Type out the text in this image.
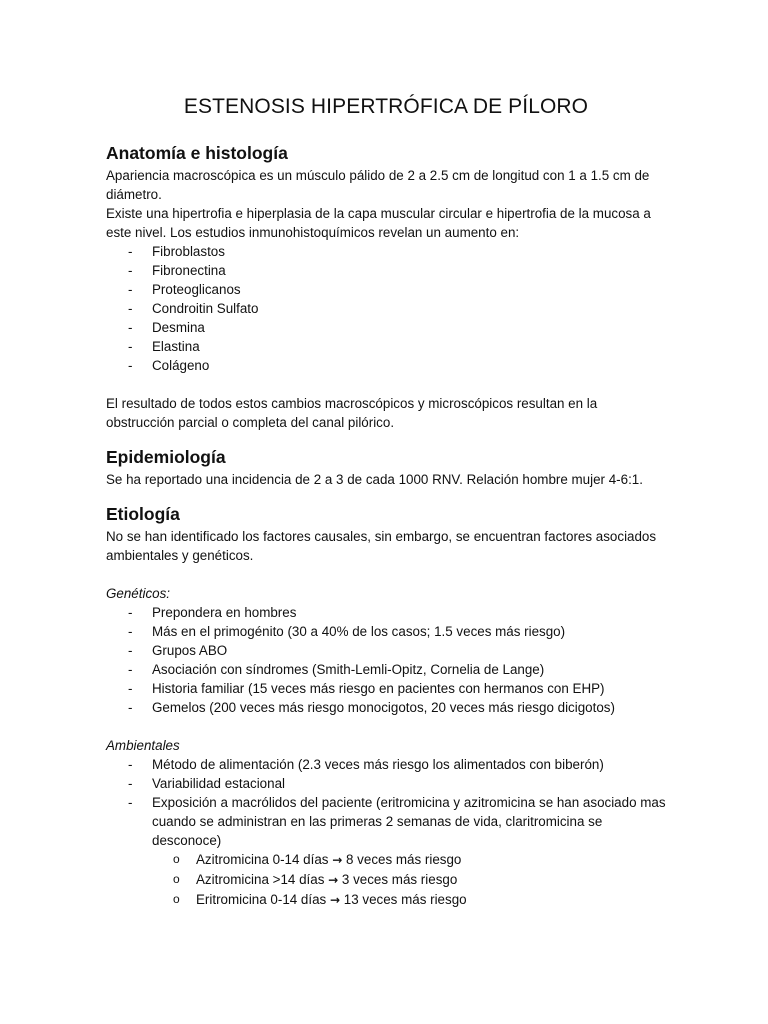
ESTENOSIS HIPERTRÓFICA DE PÍLORO
Anatomía e histología

Apariencia macroscópica es un músculo pálido de 2 a 2.5 cm de longitud con 1 a 1.5 cm de diámetro.

Existe una hipertrofia e hiperplasia de la capa muscular circular e hipertrofia de la mucosa a este nivel. Los estudios inmunohistoquímicos revelan un aumento en:

- Fibroblastos
- Fibronectina
- Proteoglicanos
- Condroitin Sulfato
- Desmina
- Elastina
- Colágeno

El resultado de todos estos cambios macroscópicos y microscópicos resultan en la obstrucción parcial o completa del canal pilórico.

Epidemiología

Se ha reportado una incidencia de 2 a 3 de cada 1000 RNV. Relación hombre mujer 4-6:1.

Etiología

No se han identificado los factores causales, sin embargo, se encuentran factores asociados ambientales y genéticos.

Genéticos:

- Prepondera en hombres
- Más en el primogénito (30 a 40% de los casos; 1.5 veces más riesgo)
- Grupos ABO
- Asociación con síndromes (Smith-Lemli-Opitz, Cornelia de Lange)
- Historia familiar (15 veces más riesgo en pacientes con hermanos con EHP)
- Gemelos (200 veces más riesgo monocigotos, 20 veces más riesgo dicigotos)

Ambientales

- Método de alimentación (2.3 veces más riesgo los alimentados con biberón)
- Variabilidad estacional
- Exposición a macrólidos del paciente (eritromicina y azitromicina se han asociado mas cuando se administran en las primeras 2 semanas de vida, claritromicina se desconoce)
o Azitromicina 0-14 días → 8 veces más riesgo
o Azitromicina >14 días → 3 veces más riesgo
o Eritromicina 0-14 días → 13 veces más riesgo
